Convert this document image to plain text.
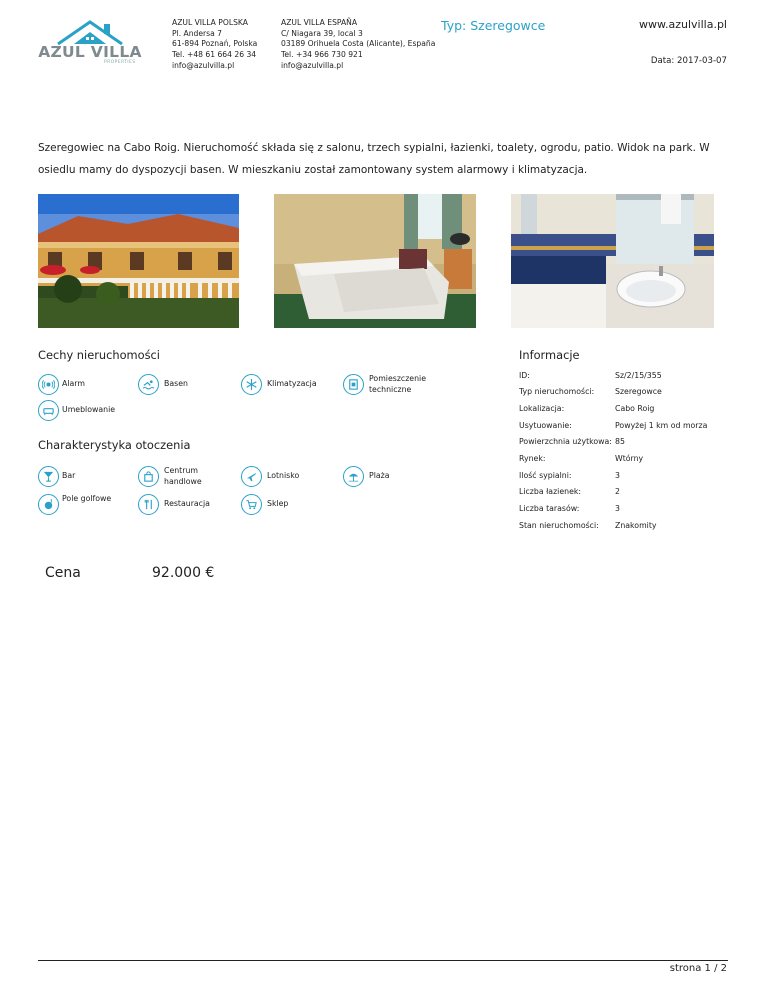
AZUL VILLA
PROPERTIES
AZUL VILLA POLSKA
Pl. Andersa 7
61-894 Poznań, Polska
Tel. +48 61 664 26 34
info@azulvilla.pl
AZUL VILLA ESPAÑA
C/ Niagara 39, local 3
03189 Orihuela Costa (Alicante), España
Tel. +34 966 730 921
info@azulvilla.pl
Typ: Szeregowce	www.azulvilla.pl
Data: 2017-03-07
Szeregowiec na Cabo Roig. Nieruchomość składa się z salonu, trzech sypialni, łazienki, toalety, ogrodu, patio. Widok na park. W osiedlu mamy do dyspozycji basen. W mieszkaniu został zamontowany system alarmowy i klimatyzacja.
Cechy nieruchomości
Alarm	Basen	Klimatyzacja
Pomieszczenie techniczne
Umeblowanie
Charakterystyka otoczenia
Bar
Centrum handlowe
Lotnisko	Plaża
Pole golfowe
Restauracja	Sklep
Informacje
ID:	Sz/2/15/355
Typ nieruchomości:	Szeregowce
Lokalizacja:	Cabo Roig
Usytuowanie:	Powyżej 1 km od morza
Powierzchnia użytkowa: 85
Rynek:	Wtórny
Ilość sypialni:	3
Liczba łazienek:	2
Liczba tarasów:	3
Stan nieruchomości: Znakomity
Cena	92.000 €
strona 1 / 2
